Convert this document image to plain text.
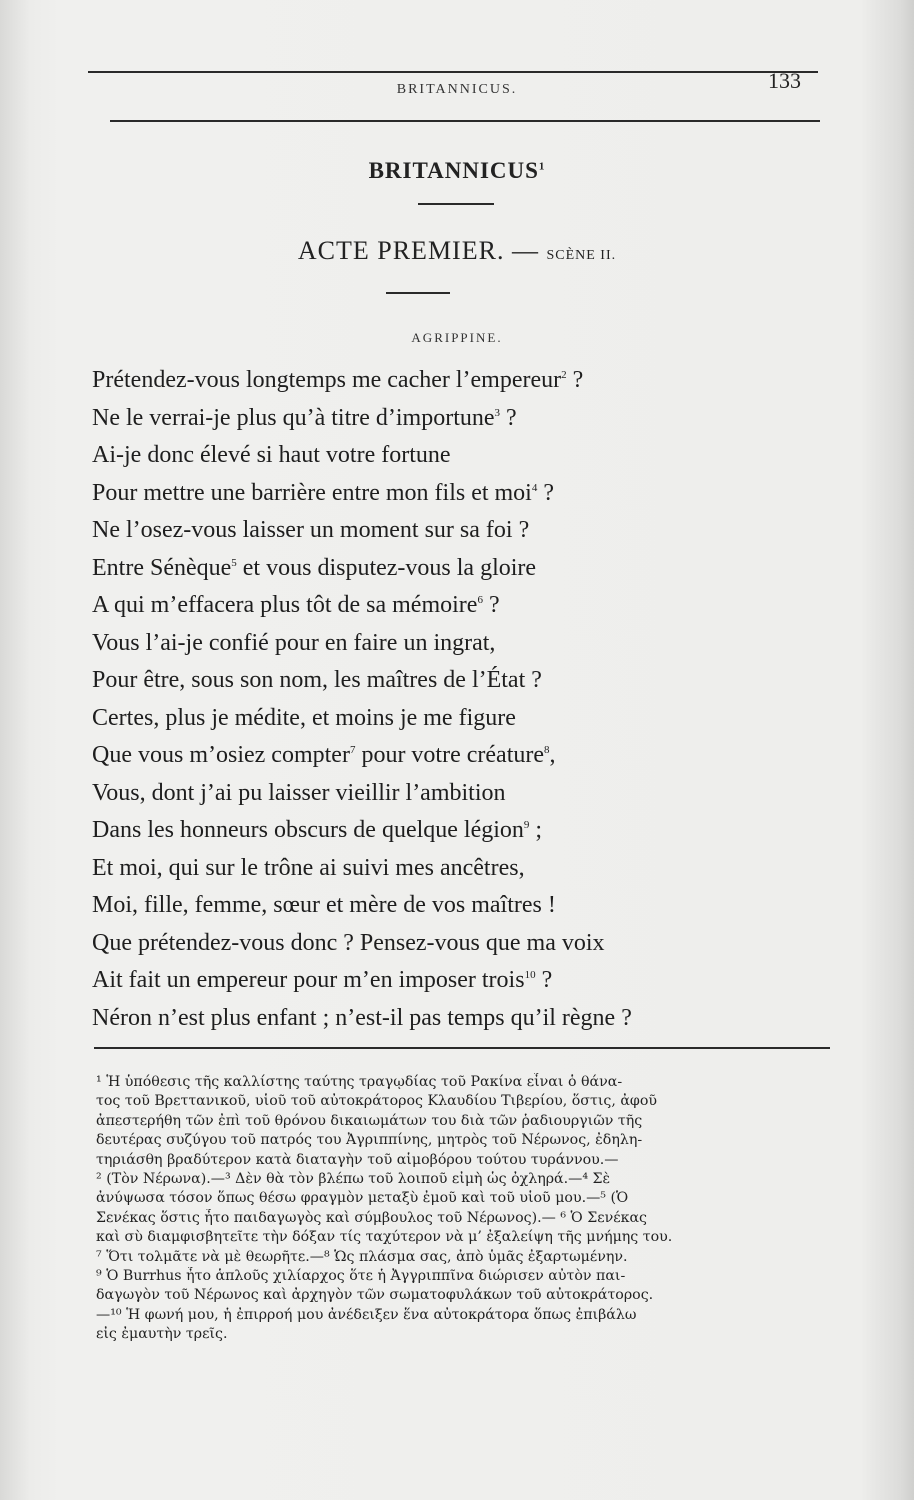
BRITANNICUS.	133
BRITANNICUS$^1$
ACTE PREMIER. — SCÈNE II.
AGRIPPINE.
Prétendez-vous longtemps me cacher l’empereur$^2$ ?
Ne le verrai-je plus qu’à titre d’importune$^3$ ?
Ai-je donc élevé si haut votre fortune
Pour mettre une barrière entre mon fils et moi$^4$ ?
Ne l’osez-vous laisser un moment sur sa foi ?
Entre Sénèque$^5$ et vous disputez-vous la gloire
A qui m’effacera plus tôt de sa mémoire$^6$ ?
Vous l’ai-je confié pour en faire un ingrat,
Pour être, sous son nom, les maîtres de l’État ?
Certes, plus je médite, et moins je me figure
Que vous m’osiez compter$^7$ pour votre créature$^8$,
Vous, dont j’ai pu laisser vieillir l’ambition
Dans les honneurs obscurs de quelque légion$^9$ ;
Et moi, qui sur le trône ai suivi mes ancêtres,
Moi, fille, femme, sœur et mère de vos maîtres !
Que prétendez-vous donc ? Pensez-vous que ma voix
Ait fait un empereur pour m’en imposer trois$^{10}$ ?
Néron n’est plus enfant ; n’est-il pas temps qu’il règne ?
¹ Ἡ ὑπόθεσις τῆς καλλίστης ταύτης τραγῳδίας τοῦ Ρακίνα εἶναι ὁ θάνα-
τος τοῦ Βρεττανικοῦ, υἱοῦ τοῦ αὐτοκράτορος Κλαυδίου Τιβερίου, ὅστις, ἀφοῦ
ἀπεστερήθη τῶν ἐπὶ τοῦ θρόνου δικαιωμάτων του διὰ τῶν ῥαδιουργιῶν τῆς
δευτέρας συζύγου τοῦ πατρός του Ἀγριππίνης, μητρὸς τοῦ Νέρωνος, ἐδηλη-
τηριάσθη βραδύτερον κατὰ διαταγὴν τοῦ αἱμοβόρου τούτου τυράννου.—
² (Τὸν Νέρωνα).—³ Δὲν θὰ τὸν βλέπω τοῦ λοιποῦ εἰμὴ ὡς ὀχληρά.—⁴ Σὲ
ἀνύψωσα τόσον ὅπως θέσω φραγμὸν μεταξὺ ἐμοῦ καὶ τοῦ υἱοῦ μου.—⁵ (Ὁ
Σενέκας ὅστις ἦτο παιδαγωγὸς καὶ σύμβουλος τοῦ Νέρωνος).— ⁶ Ὁ Σενέκας
καὶ σὺ διαμφισβητεῖτε τὴν δόξαν τίς ταχύτερον νὰ μ’ ἐξαλείψη τῆς μνήμης του.
⁷ Ὅτι τολμᾶτε νὰ μὲ θεωρῆτε.—⁸ Ὡς πλάσμα σας, ἀπὸ ὑμᾶς ἐξαρτωμένην.
⁹ Ὁ Burrhus ἦτο ἁπλοῦς χιλίαρχος ὅτε ἡ Ἀγγριππῖνα διώρισεν αὐτὸν παι-
δαγωγὸν τοῦ Νέρωνος καὶ ἀρχηγὸν τῶν σωματοφυλάκων τοῦ αὐτοκράτορος.
—¹⁰ Ἡ φωνή μου, ἡ ἐπιρροή μου ἀνέδειξεν ἕνα αὐτοκράτορα ὅπως ἐπιβάλω
εἰς ἐμαυτὴν τρεῖς.
